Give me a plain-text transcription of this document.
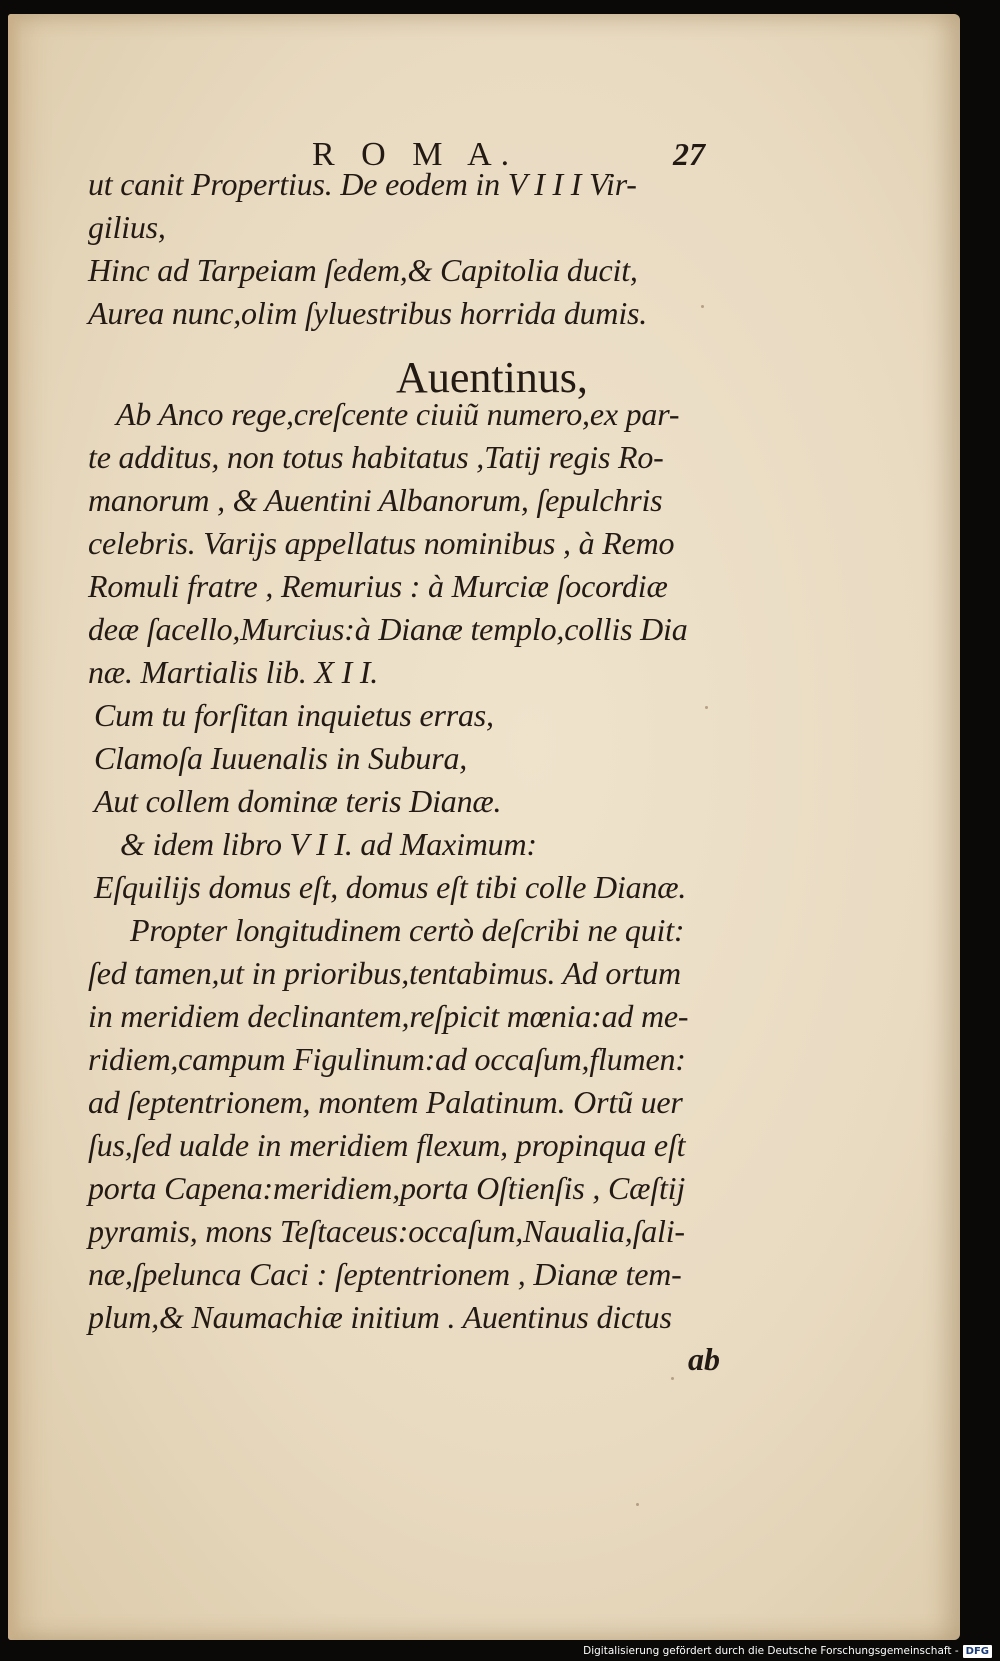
R O M A.	27
ut canit Propertius. De eodem in V I I I Vir-
gilius,
Hinc ad Tarpeiam ſedem,& Capitolia ducit,
Aurea nunc,olim ſyluestribus horrida dumis.
Auentinus,
Ab Anco rege,creſcente ciuiũ numero,ex par-
te additus, non totus habitatus ,Tatij regis Ro-
manorum , & Auentini Albanorum, ſepulchris
celebris. Varijs appellatus nominibus , à Remo
Romuli fratre , Remurius : à Murciæ ſocordiæ
deæ ſacello,Murcius:à Dianæ templo,collis Dia
næ. Martialis lib. X I I.
Cum tu forſitan inquietus erras,
Clamoſa Iuuenalis in Subura,
Aut collem dominæ teris Dianæ.
& idem libro V I I. ad Maximum:
Eſquilijs domus eſt, domus eſt tibi colle Dianæ.
Propter longitudinem certò deſcribi ne quit:
ſed tamen,ut in prioribus,tentabimus. Ad ortum
in meridiem declinantem,reſpicit mœnia:ad me-
ridiem,campum Figulinum:ad occaſum,flumen:
ad ſeptentrionem, montem Palatinum. Ortũ uer
ſus,ſed ualde in meridiem flexum, propinqua eſt
porta Capena:meridiem,porta Oſtienſis , Cæſtij
pyramis, mons Teſtaceus:occaſum,Naualia,ſali-
næ,ſpelunca Caci : ſeptentrionem , Dianæ tem-
plum,& Naumachiæ initium . Auentinus dictus
ab
Digitalisierung gefördert durch die Deutsche Forschungsgemeinschaft - DFG
